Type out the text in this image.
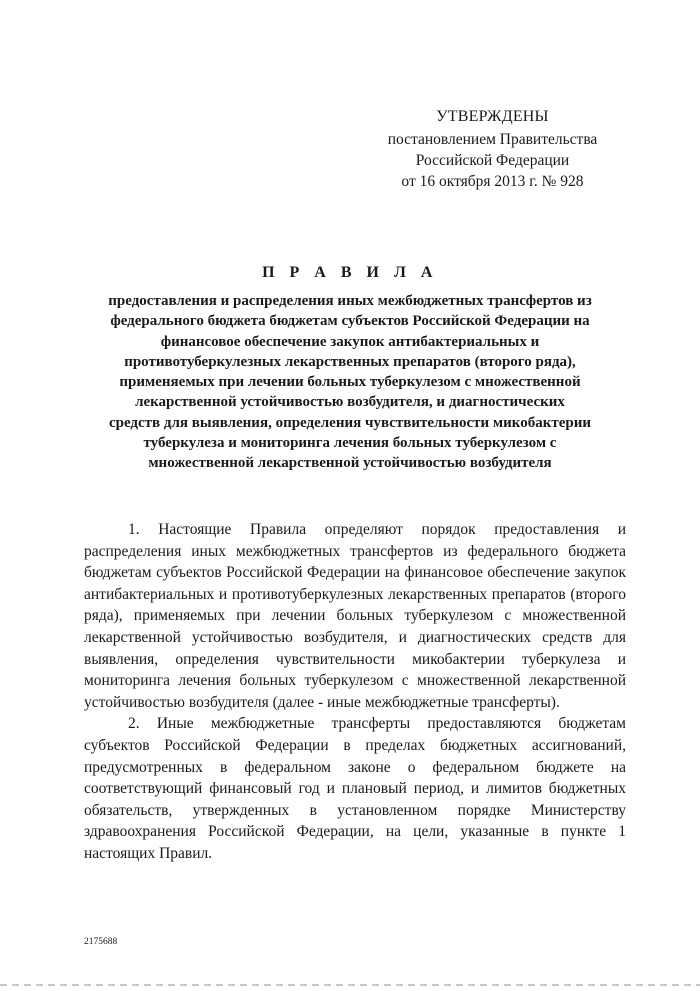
УТВЕРЖДЕНЫ
постановлением Правительства
Российской Федерации
от 16 октября 2013 г. № 928
П Р А В И Л А
предоставления и распределения иных межбюджетных трансфертов из федерального бюджета бюджетам субъектов Российской Федерации на финансовое обеспечение закупок антибактериальных и противотуберкулезных лекарственных препаратов (второго ряда), применяемых при лечении больных туберкулезом с множественной лекарственной устойчивостью возбудителя, и диагностических средств для выявления, определения чувствительности микобактерии туберкулеза и мониторинга лечения больных туберкулезом с множественной лекарственной устойчивостью возбудителя

1. Настоящие Правила определяют порядок предоставления и распределения иных межбюджетных трансфертов из федерального бюджета бюджетам субъектов Российской Федерации на финансовое обеспечение закупок антибактериальных и противотуберкулезных лекарственных препаратов (второго ряда), применяемых при лечении больных туберкулезом с множественной лекарственной устойчивостью возбудителя, и диагностических средств для выявления, определения чувствительности микобактерии туберкулеза и мониторинга лечения больных туберкулезом с множественной лекарственной устойчивостью возбудителя (далее - иные межбюджетные трансферты).

2. Иные межбюджетные трансферты предоставляются бюджетам субъектов Российской Федерации в пределах бюджетных ассигнований, предусмотренных в федеральном законе о федеральном бюджете на соответствующий финансовый год и плановый период, и лимитов бюджетных обязательств, утвержденных в установленном порядке Министерству здравоохранения Российской Федерации, на цели, указанные в пункте 1 настоящих Правил.

2175688
